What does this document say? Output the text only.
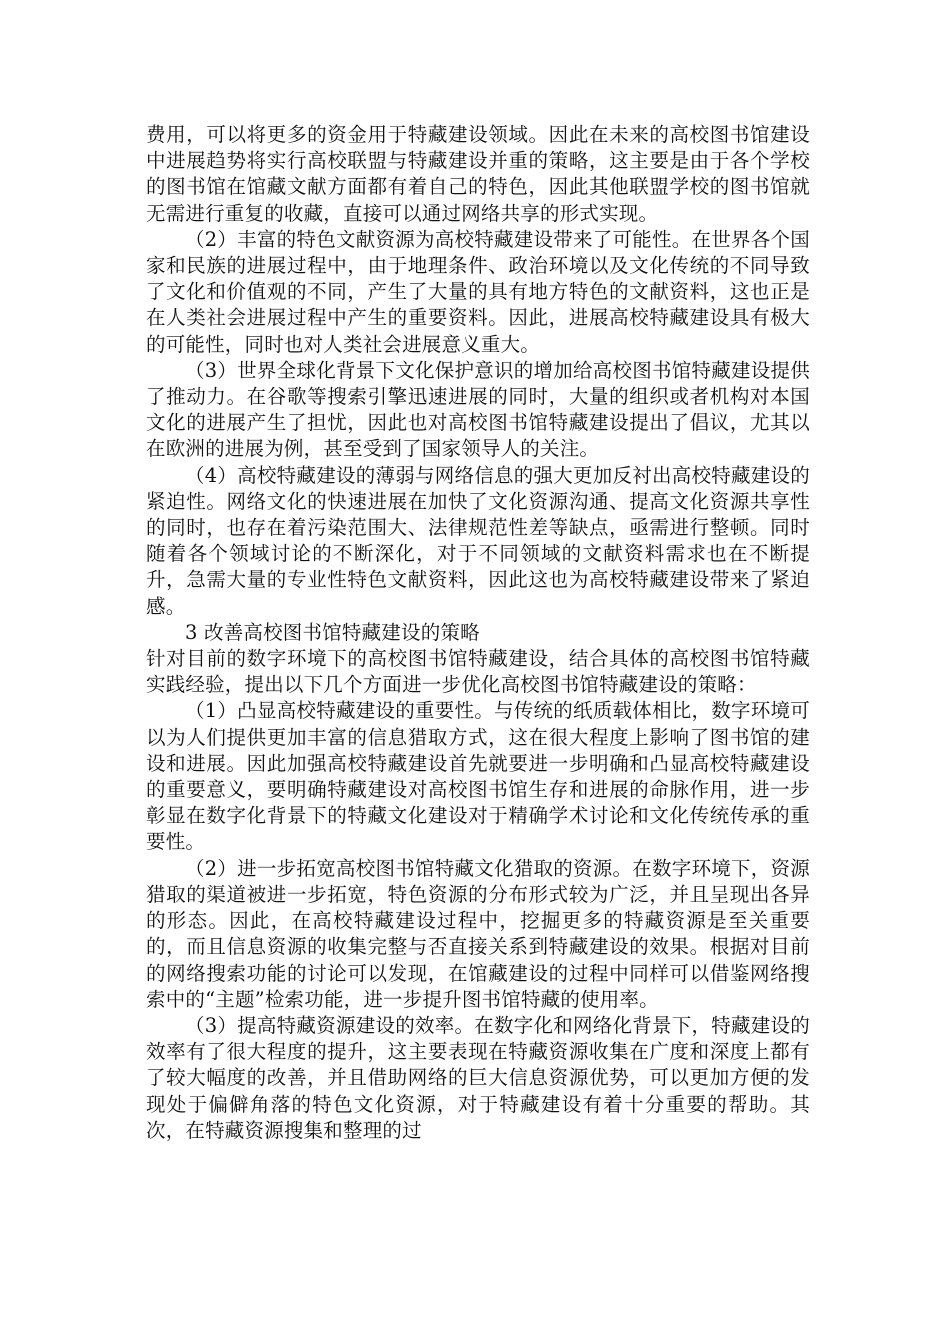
费用，可以将更多的资金用于特藏建设领域。因此在未来的高校图书馆建设中进展趋势将实行高校联盟与特藏建设并重的策略，这主要是由于各个学校的图书馆在馆藏文献方面都有着自己的特色，因此其他联盟学校的图书馆就无需进行重复的收藏，直接可以通过网络共享的形式实现。

（2）丰富的特色文献资源为高校特藏建设带来了可能性。在世界各个国家和民族的进展过程中，由于地理条件、政治环境以及文化传统的不同导致了文化和价值观的不同，产生了大量的具有地方特色的文献资料，这也正是在人类社会进展过程中产生的重要资料。因此，进展高校特藏建设具有极大的可能性，同时也对人类社会进展意义重大。

（3）世界全球化背景下文化保护意识的增加给高校图书馆特藏建设提供了推动力。在谷歌等搜索引擎迅速进展的同时，大量的组织或者机构对本国文化的进展产生了担忧，因此也对高校图书馆特藏建设提出了倡议，尤其以在欧洲的进展为例，甚至受到了国家领导人的关注。

（4）高校特藏建设的薄弱与网络信息的强大更加反衬出高校特藏建设的紧迫性。网络文化的快速进展在加快了文化资源沟通、提高文化资源共享性的同时，也存在着污染范围大、法律规范性差等缺点，亟需进行整顿。同时随着各个领域讨论的不断深化，对于不同领域的文献资料需求也在不断提升，急需大量的专业性特色文献资料，因此这也为高校特藏建设带来了紧迫感。

3 改善高校图书馆特藏建设的策略

针对目前的数字环境下的高校图书馆特藏建设，结合具体的高校图书馆特藏实践经验，提出以下几个方面进一步优化高校图书馆特藏建设的策略：

（1）凸显高校特藏建设的重要性。与传统的纸质载体相比，数字环境可以为人们提供更加丰富的信息猎取方式，这在很大程度上影响了图书馆的建设和进展。因此加强高校特藏建设首先就要进一步明确和凸显高校特藏建设的重要意义，要明确特藏建设对高校图书馆生存和进展的命脉作用，进一步彰显在数字化背景下的特藏文化建设对于精确学术讨论和文化传统传承的重要性。

（2）进一步拓宽高校图书馆特藏文化猎取的资源。在数字环境下，资源猎取的渠道被进一步拓宽，特色资源的分布形式较为广泛，并且呈现出各异的形态。因此，在高校特藏建设过程中，挖掘更多的特藏资源是至关重要的，而且信息资源的收集完整与否直接关系到特藏建设的效果。根据对目前的网络搜索功能的讨论可以发现，在馆藏建设的过程中同样可以借鉴网络搜索中的“主题”检索功能，进一步提升图书馆特藏的使用率。

（3）提高特藏资源建设的效率。在数字化和网络化背景下，特藏建设的效率有了很大程度的提升，这主要表现在特藏资源收集在广度和深度上都有了较大幅度的改善，并且借助网络的巨大信息资源优势，可以更加方便的发现处于偏僻角落的特色文化资源，对于特藏建设有着十分重要的帮助。其次，在特藏资源搜集和整理的过
